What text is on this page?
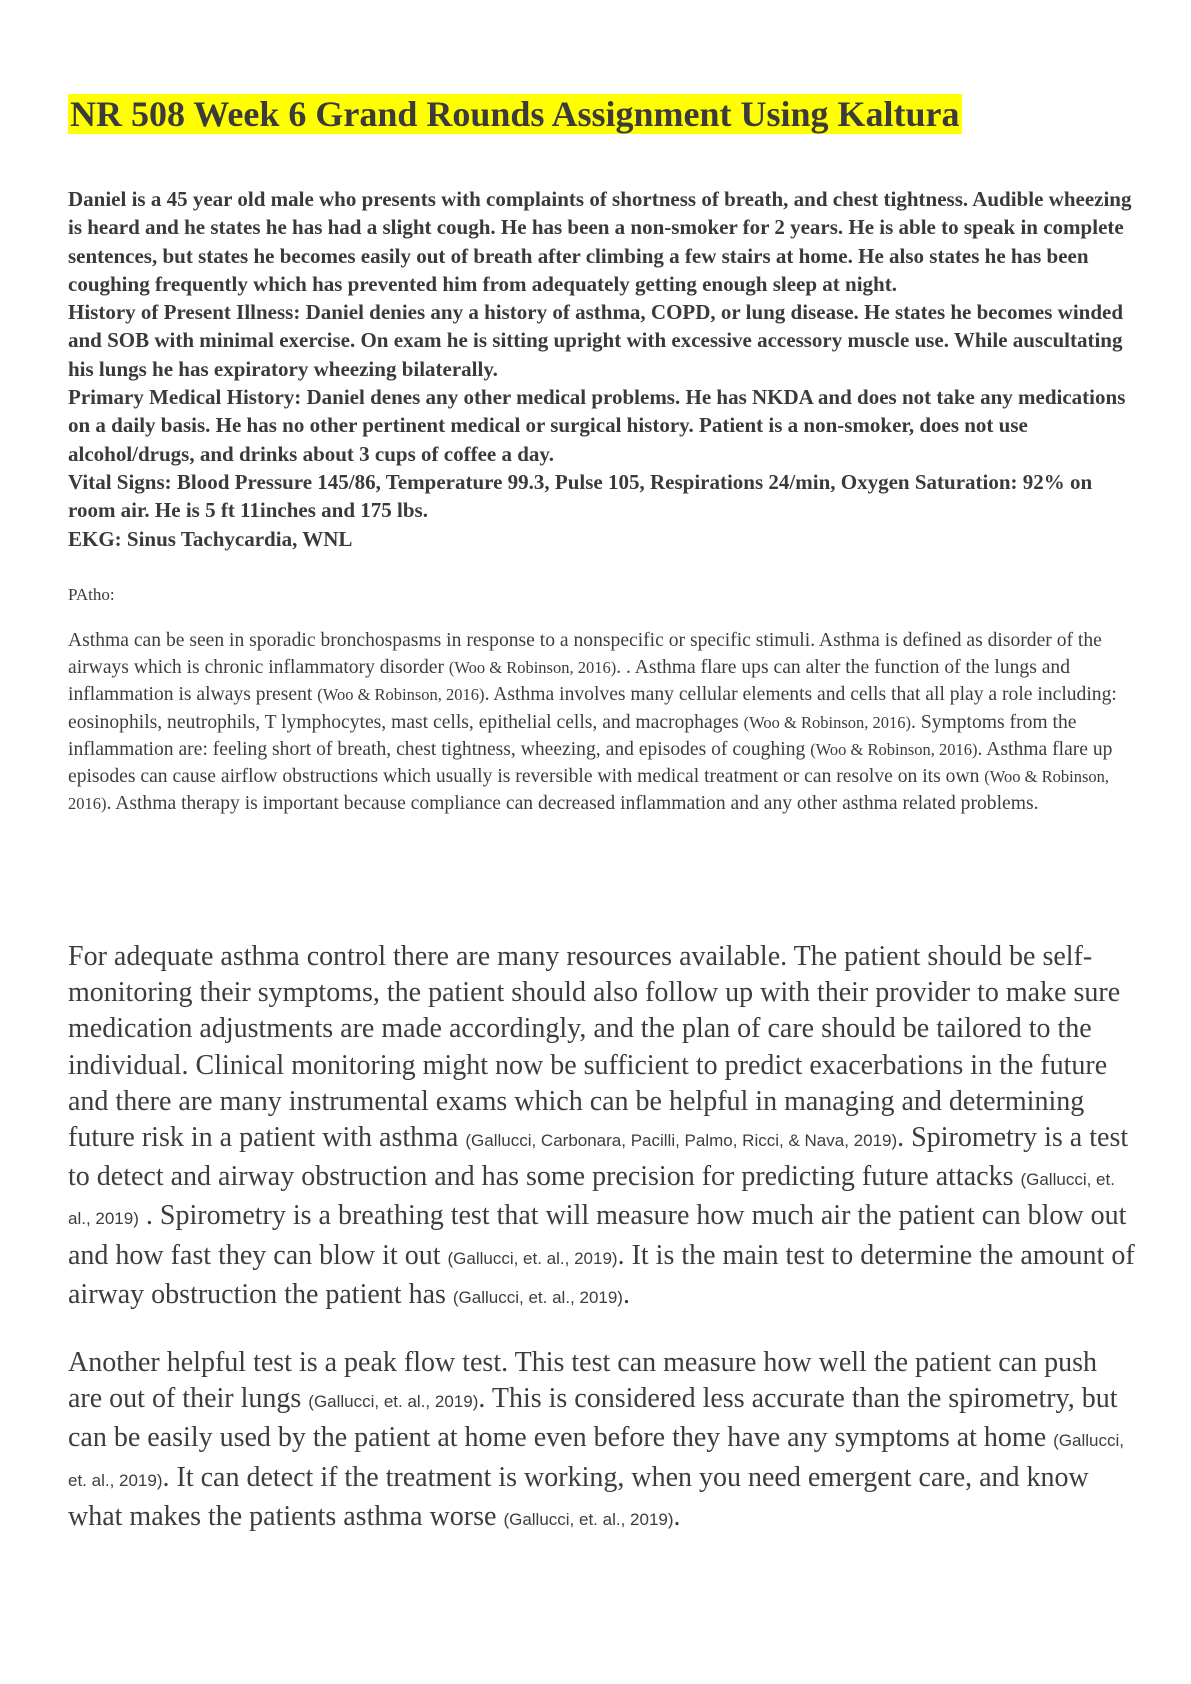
NR 508 Week 6 Grand Rounds Assignment Using Kaltura

Daniel is a 45 year old male who presents with complaints of shortness of breath, and chest tightness. Audible wheezing is heard and he states he has had a slight cough. He has been a non-smoker for 2 years. He is able to speak in complete sentences, but states he becomes easily out of breath after climbing a few stairs at home. He also states he has been coughing frequently which has prevented him from adequately getting enough sleep at night.

History of Present Illness: Daniel denies any a history of asthma, COPD, or lung disease. He states he becomes winded and SOB with minimal exercise. On exam he is sitting upright with excessive accessory muscle use. While auscultating his lungs he has expiratory wheezing bilaterally.

Primary Medical History: Daniel denes any other medical problems. He has NKDA and does not take any medications on a daily basis. He has no other pertinent medical or surgical history. Patient is a non-smoker, does not use alcohol/drugs, and drinks about 3 cups of coffee a day.

Vital Signs: Blood Pressure 145/86, Temperature 99.3, Pulse 105, Respirations 24/min, Oxygen Saturation: 92% on room air. He is 5 ft 11inches and 175 lbs.

EKG: Sinus Tachycardia, WNL

PAtho:

Asthma can be seen in sporadic bronchospasms in response to a nonspecific or specific stimuli. Asthma is defined as disorder of the airways which is chronic inflammatory disorder (Woo & Robinson, 2016). . Asthma flare ups can alter the function of the lungs and inflammation is always present (Woo & Robinson, 2016). Asthma involves many cellular elements and cells that all play a role including: eosinophils, neutrophils, T lymphocytes, mast cells, epithelial cells, and macrophages (Woo & Robinson, 2016). Symptoms from the inflammation are: feeling short of breath, chest tightness, wheezing, and episodes of coughing (Woo & Robinson, 2016). Asthma flare up episodes can cause airflow obstructions which usually is reversible with medical treatment or can resolve on its own (Woo & Robinson, 2016). Asthma therapy is important because compliance can decreased inflammation and any other asthma related problems.

For adequate asthma control there are many resources available. The patient should be self-monitoring their symptoms, the patient should also follow up with their provider to make sure medication adjustments are made accordingly, and the plan of care should be tailored to the individual. Clinical monitoring might now be sufficient to predict exacerbations in the future and there are many instrumental exams which can be helpful in managing and determining future risk in a patient with asthma (Gallucci, Carbonara, Pacilli, Palmo, Ricci, & Nava, 2019). Spirometry is a test to detect and airway obstruction and has some precision for predicting future attacks (Gallucci, et. al., 2019) . Spirometry is a breathing test that will measure how much air the patient can blow out and how fast they can blow it out (Gallucci, et. al., 2019). It is the main test to determine the amount of airway obstruction the patient has (Gallucci, et. al., 2019).

Another helpful test is a peak flow test. This test can measure how well the patient can push are out of their lungs (Gallucci, et. al., 2019). This is considered less accurate than the spirometry, but can be easily used by the patient at home even before they have any symptoms at home (Gallucci, et. al., 2019). It can detect if the treatment is working, when you need emergent care, and know what makes the patients asthma worse (Gallucci, et. al., 2019).
